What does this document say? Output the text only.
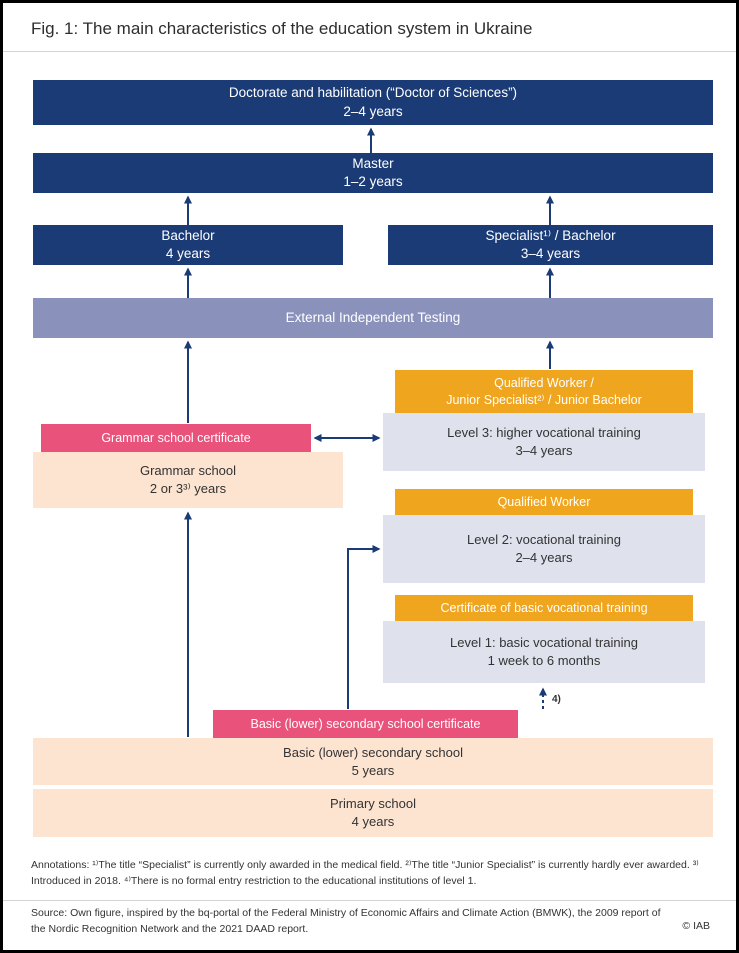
Fig. 1: The main characteristics of the education system in Ukraine
Doctorate and habilitation (“Doctor of Sciences”)
2–4 years
Master
1–2 years
Bachelor
4 years
Specialist¹⁾ / Bachelor
3–4 years
External Independent Testing
Qualified Worker /
Junior Specialist²⁾ / Junior Bachelor
Level 3: higher vocational training
3–4 years
Grammar school certificate
Grammar school
2 or 3³⁾ years
Qualified Worker
Level 2: vocational training
2–4 years
Certificate of basic vocational training
Level 1: basic vocational training
1 week to 6 months
Basic (lower) secondary school certificate
Basic (lower) secondary school
5 years
Primary school
4 years
4)
Annotations: ¹⁾The title “Specialist” is currently only awarded in the medical field. ²⁾The title “Junior Specialist” is currently hardly ever awarded. ³⁾Introduced in 2018. ⁴⁾There is no formal entry restriction to the educational institutions of level 1.
Source: Own figure, inspired by the bq-portal of the Federal Ministry of Economic Affairs and Climate Action (BMWK), the 2009 report of the Nordic Recognition Network and the 2021 DAAD report.	© IAB
